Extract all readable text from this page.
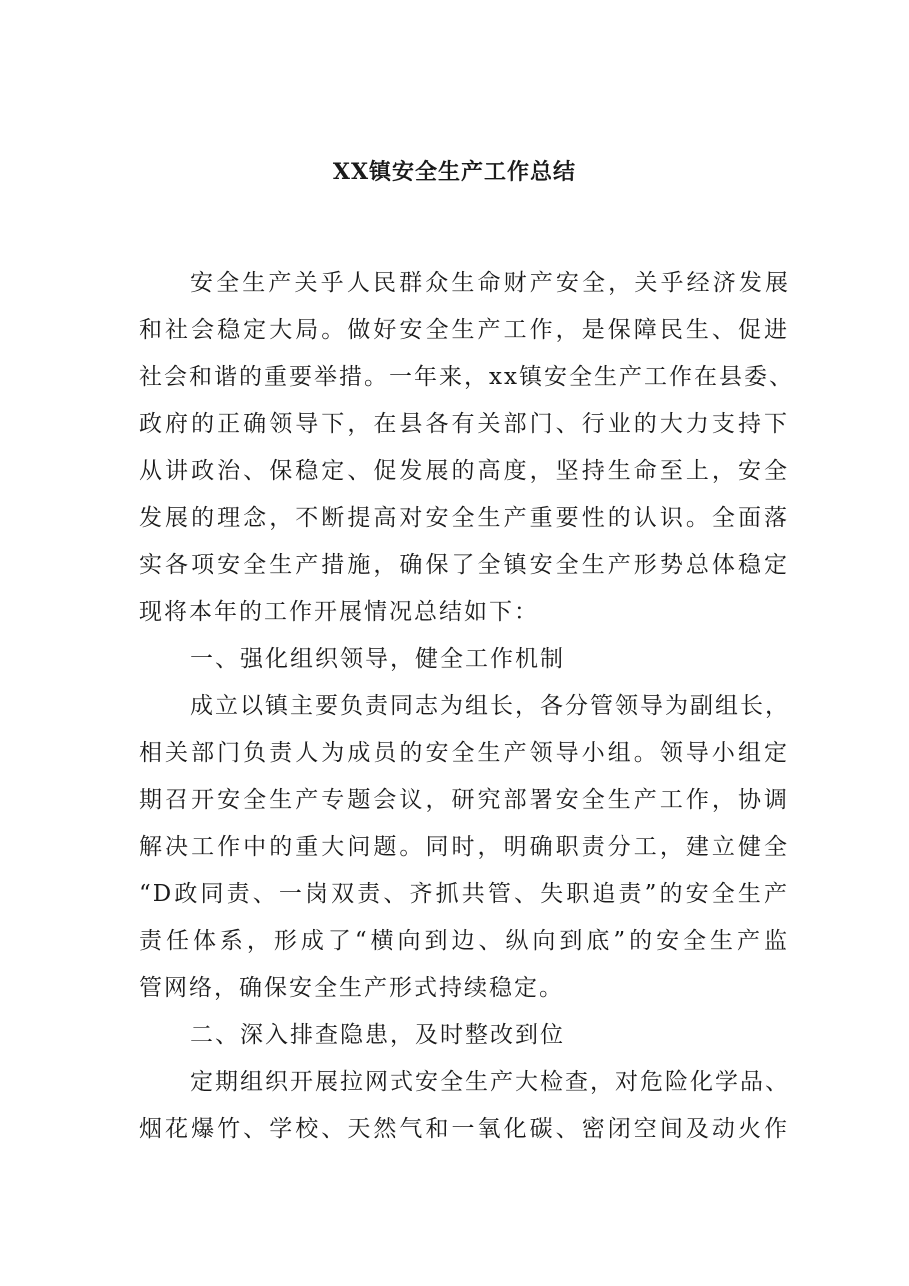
XX镇安全生产工作总结
安全生产关乎人民群众生命财产安全，关乎经济发展
和社会稳定大局。做好安全生产工作，是保障民生、促进
社会和谐的重要举措。一年来，xx镇安全生产工作在县委、
政府的正确领导下，在县各有关部门、行业的大力支持下
从讲政治、保稳定、促发展的高度，坚持生命至上，安全
发展的理念，不断提高对安全生产重要性的认识。全面落
实各项安全生产措施，确保了全镇安全生产形势总体稳定
现将本年的工作开展情况总结如下：
一、强化组织领导，健全工作机制
成立以镇主要负责同志为组长，各分管领导为副组长，
相关部门负责人为成员的安全生产领导小组。领导小组定
期召开安全生产专题会议，研究部署安全生产工作，协调
解决工作中的重大问题。同时，明确职责分工，建立健全
“D政同责、一岗双责、齐抓共管、失职追责”的安全生产
责任体系，形成了“横向到边、纵向到底”的安全生产监
管网络，确保安全生产形式持续稳定。
二、深入排查隐患，及时整改到位
定期组织开展拉网式安全生产大检查，对危险化学品、
烟花爆竹、学校、天然气和一氧化碳、密闭空间及动火作
